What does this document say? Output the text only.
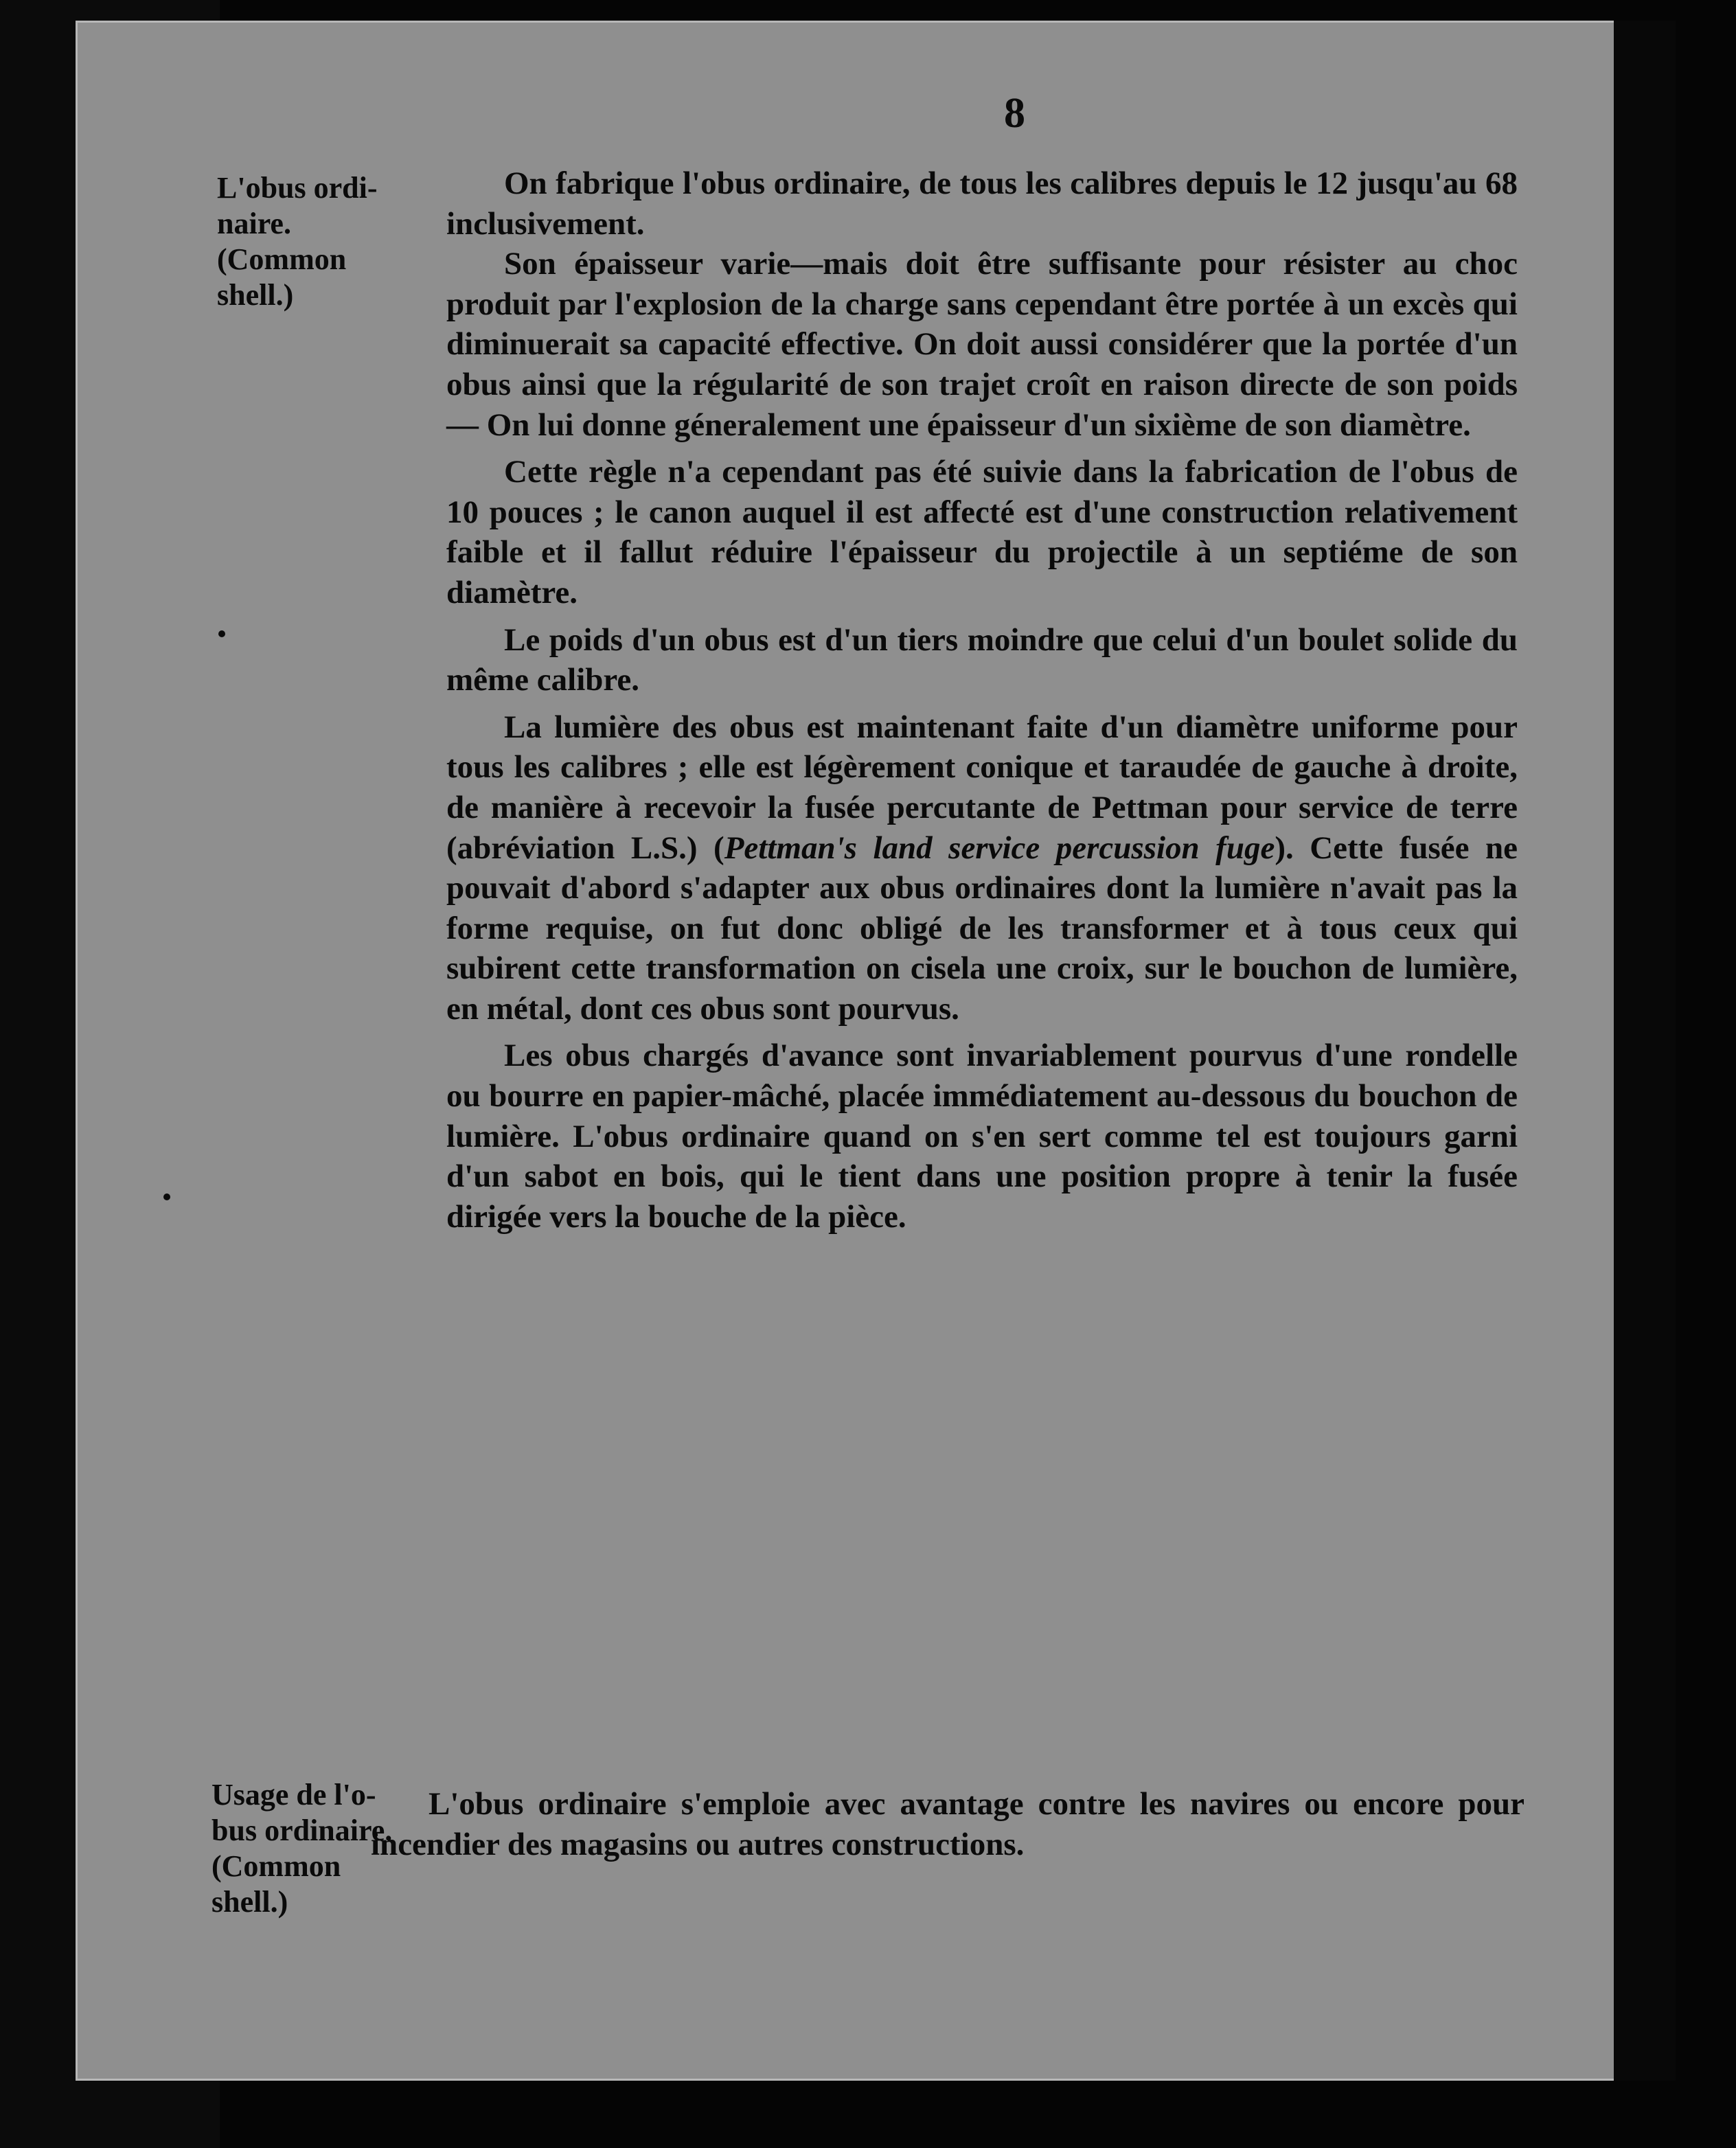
8
L'obus ordi-
naire.
(Common
shell.)
Usage de l'o-
bus ordinaire.
(Common
shell.)

On fabrique l'obus ordinaire, de tous les calibres depuis le 12 jusqu'au 68 inclusivement.

Son épaisseur varie—mais doit être suffisante pour résister au choc produit par l'explosion de la charge sans cependant être portée à un excès qui diminuerait sa capacité effective. On doit aussi considérer que la portée d'un obus ainsi que la régularité de son trajet croît en raison directe de son poids — On lui donne géneralement une épaisseur d'un sixième de son diamètre.

Cette règle n'a cependant pas été suivie dans la fabrication de l'obus de 10 pouces ; le canon auquel il est affecté est d'une construction relativement faible et il fallut réduire l'épaisseur du projectile à un septiéme de son diamètre.

Le poids d'un obus est d'un tiers moindre que celui d'un boulet solide du même calibre.

La lumière des obus est maintenant faite d'un diamètre uniforme pour tous les calibres ; elle est légèrement conique et taraudée de gauche à droite, de manière à recevoir la fusée percutante de Pettman pour service de terre (abréviation L.S.) (Pettman's land service percussion fuge). Cette fusée ne pouvait d'abord s'adapter aux obus ordinaires dont la lumière n'avait pas la forme requise, on fut donc obligé de les transformer et à tous ceux qui subirent cette transformation on cisela une croix, sur le bouchon de lumière, en métal, dont ces obus sont pourvus.

Les obus chargés d'avance sont invariablement pourvus d'une rondelle ou bourre en papier-mâché, placée immédiatement au-dessous du bouchon de lumière. L'obus ordinaire quand on s'en sert comme tel est toujours garni d'un sabot en bois, qui le tient dans une position propre à tenir la fusée dirigée vers la bouche de la pièce.

L'obus ordinaire s'emploie avec avantage contre les navires ou encore pour incendier des magasins ou autres constructions.
